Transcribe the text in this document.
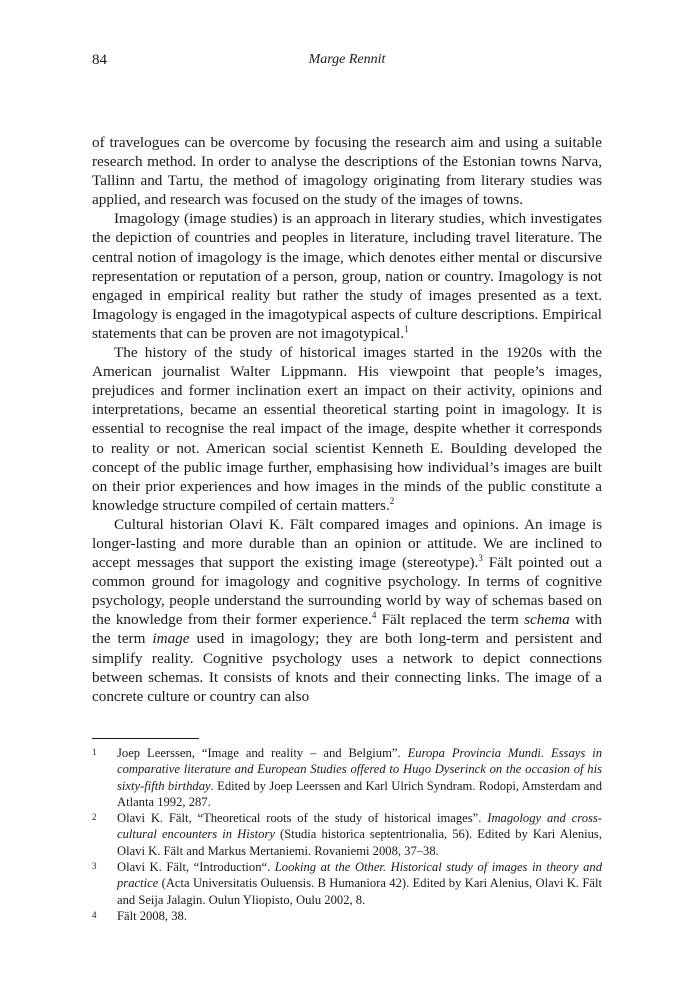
84	Marge Rennit

of travelogues can be overcome by focusing the research aim and using a suitable research method. In order to analyse the descriptions of the Estonian towns Narva, Tallinn and Tartu, the method of imagology originating from literary studies was applied, and research was focused on the study of the images of towns.

Imagology (image studies) is an approach in literary studies, which investigates the depiction of countries and peoples in literature, including travel literature. The central notion of imagology is the image, which denotes either mental or discursive representation or reputation of a person, group, nation or country. Imagology is not engaged in empirical reality but rather the study of images presented as a text. Imagology is engaged in the imagotypical aspects of culture descriptions. Empirical statements that can be proven are not imagotypical.$^1$

The history of the study of historical images started in the 1920s with the American journalist Walter Lippmann. His viewpoint that people’s images, prejudices and former inclination exert an impact on their activity, opinions and interpretations, became an essential theoretical starting point in imagology. It is essential to recognise the real impact of the image, despite whether it corresponds to reality or not. American social scientist Kenneth E. Boulding developed the concept of the public image further, emphasising how individual’s images are built on their prior experiences and how images in the minds of the public constitute a knowledge structure compiled of certain matters.$^2$

Cultural historian Olavi K. Fält compared images and opinions. An image is longer-lasting and more durable than an opinion or attitude. We are inclined to accept messages that support the existing image (stereotype).$^3$ Fält pointed out a common ground for imagology and cognitive psychology. In terms of cognitive psychology, people understand the surrounding world by way of schemas based on the knowledge from their former experience.$^4$ Fält replaced the term schema with the term image used in imagology; they are both long-term and persistent and simplify reality. Cognitive psychology uses a network to depict connections between schemas. It consists of knots and their connecting links. The image of a concrete culture or country can also

1 Joep Leerssen, “Image and reality – and Belgium”. Europa Provincia Mundi. Essays in comparative literature and European Studies offered to Hugo Dyserinck on the occasion of his sixty-fifth birthday. Edited by Joep Leerssen and Karl Ulrich Syndram. Rodopi, Amsterdam and Atlanta 1992, 287.
2 Olavi K. Fält, “Theoretical roots of the study of historical images”. Imagology and cross-cultural encounters in History (Studia historica septentrionalia, 56). Edited by Kari Alenius, Olavi K. Fält and Markus Mertaniemi. Rovaniemi 2008, 37–38.
3 Olavi K. Fält, “Introduction“. Looking at the Other. Historical study of images in theory and practice (Acta Universitatis Ouluensis. B Humaniora 42). Edited by Kari Alenius, Olavi K. Fält and Seija Jalagin. Oulun Yliopisto, Oulu 2002, 8.
4 Fält 2008, 38.
